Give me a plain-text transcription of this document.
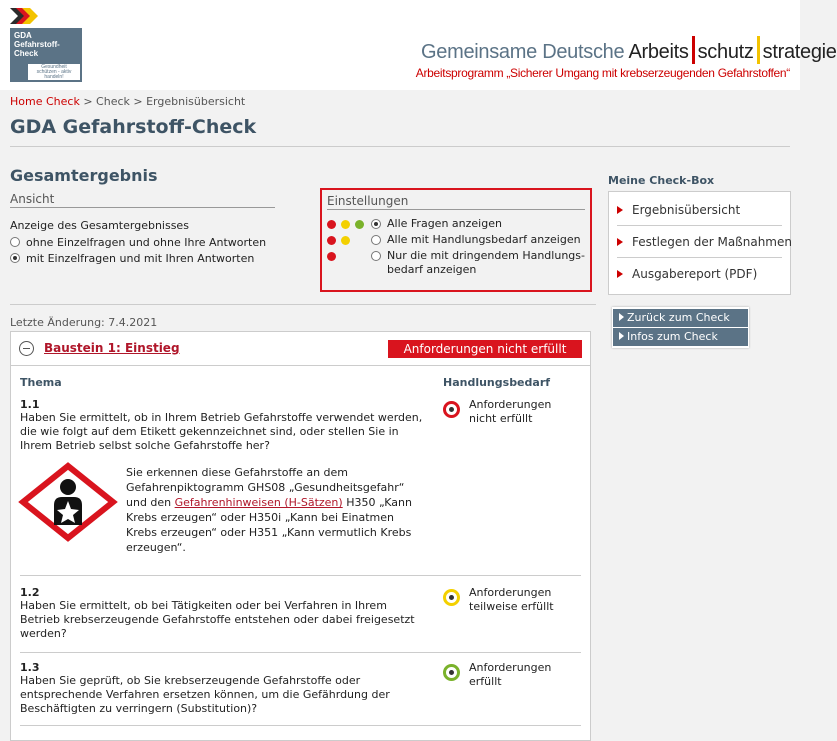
GDA
Gefahrstoff-
Check
Gesundheit schützen - aktiv handeln!
Gemeinsame Deutsche Arbeits schutz strategie
Arbeitsprogramm „Sicherer Umgang mit krebserzeugenden Gefahrstoffen“
Home Check > Check > Ergebnisübersicht
GDA Gefahrstoff-Check
Gesamtergebnis
Ansicht
Anzeige des Gesamtergebnisses
ohne Einzelfragen und ohne Ihre Antworten
mit Einzelfragen und mit Ihren Antworten
Einstellungen
Alle Fragen anzeigen
Alle mit Handlungsbedarf anzeigen
Nur die mit dringendem Handlungs-bedarf anzeigen
Meine Check-Box
Ergebnisübersicht
Festlegen der Maßnahmen
Ausgabereport (PDF)
Zurück zum Check
Infos zum Check
Letzte Änderung: 7.4.2021
Baustein 1: Einstieg	Anforderungen nicht erfüllt
Thema	Handlungsbedarf
1.1
Haben Sie ermittelt, ob in Ihrem Betrieb Gefahrstoffe verwendet werden, die wie folgt auf dem Etikett gekennzeichnet sind, oder stellen Sie in Ihrem Betrieb selbst solche Gefahrstoffe her?
Anforderungen nicht erfüllt
Sie erkennen diese Gefahrstoffe an dem Gefahrenpiktogramm GHS08 „Gesundheitsgefahr“ und den Gefahrenhinweisen (H-Sätzen) H350 „Kann Krebs erzeugen“ oder H350i „Kann bei Einatmen Krebs erzeugen“ oder H351 „Kann vermutlich Krebs erzeugen“.
1.2
Haben Sie ermittelt, ob bei Tätigkeiten oder bei Verfahren in Ihrem Betrieb krebserzeugende Gefahrstoffe entstehen oder dabei freigesetzt werden?
Anforderungen teilweise erfüllt
1.3
Haben Sie geprüft, ob Sie krebserzeugende Gefahrstoffe oder entsprechende Verfahren ersetzen können, um die Gefährdung der Beschäftigten zu verringern (Substitution)?
Anforderungen erfüllt
